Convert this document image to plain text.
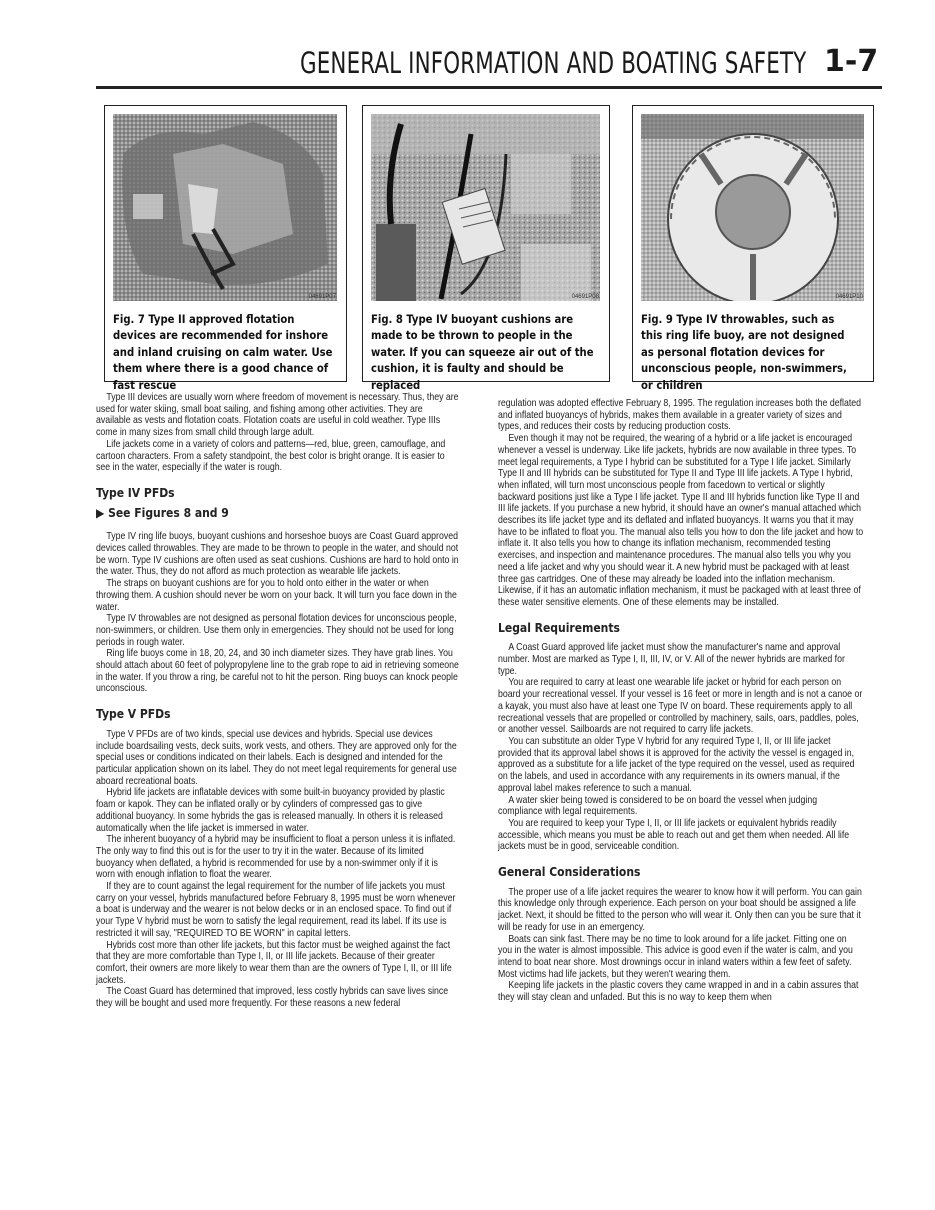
GENERAL INFORMATION AND BOATING SAFETY 1-7
04691P07
Fig. 7 Type II approved flotation devices are recommended for inshore and inland cruising on calm water. Use them where there is a good chance of fast rescue
04691P08
Fig. 8 Type IV buoyant cushions are made to be thrown to people in the water. If you can squeeze air out of the cushion, it is faulty and should be replaced
04691P10
Fig. 9 Type IV throwables, such as this ring life buoy, are not designed as personal flotation devices for unconscious people, non-swimmers, or children

Type III devices are usually worn where freedom of movement is necessary. Thus, they are used for water skiing, small boat sailing, and fishing among other activities. They are available as vests and flotation coats. Flotation coats are useful in cold weather. Type IIIs come in many sizes from small child through large adult.

Life jackets come in a variety of colors and patterns—red, blue, green, camouflage, and cartoon characters. From a safety standpoint, the best color is bright orange. It is easier to see in the water, especially if the water is rough.

Type IV PFDs
▶ See Figures 8 and 9

Type IV ring life buoys, buoyant cushions and horseshoe buoys are Coast Guard approved devices called throwables. They are made to be thrown to people in the water, and should not be worn. Type IV cushions are often used as seat cushions. Cushions are hard to hold onto in the water. Thus, they do not afford as much protection as wearable life jackets.

The straps on buoyant cushions are for you to hold onto either in the water or when throwing them. A cushion should never be worn on your back. It will turn you face down in the water.

Type IV throwables are not designed as personal flotation devices for unconscious people, non-swimmers, or children. Use them only in emergencies. They should not be used for long periods in rough water.

Ring life buoys come in 18, 20, 24, and 30 inch diameter sizes. They have grab lines. You should attach about 60 feet of polypropylene line to the grab rope to aid in retrieving someone in the water. If you throw a ring, be careful not to hit the person. Ring buoys can knock people unconscious.

Type V PFDs

Type V PFDs are of two kinds, special use devices and hybrids. Special use devices include boardsailing vests, deck suits, work vests, and others. They are approved only for the special uses or conditions indicated on their labels. Each is designed and intended for the particular application shown on its label. They do not meet legal requirements for general use aboard recreational boats.

Hybrid life jackets are inflatable devices with some built-in buoyancy provided by plastic foam or kapok. They can be inflated orally or by cylinders of compressed gas to give additional buoyancy. In some hybrids the gas is released manually. In others it is released automatically when the life jacket is immersed in water.

The inherent buoyancy of a hybrid may be insufficient to float a person unless it is inflated. The only way to find this out is for the user to try it in the water. Because of its limited buoyancy when deflated, a hybrid is recommended for use by a non-swimmer only if it is worn with enough inflation to float the wearer.

If they are to count against the legal requirement for the number of life jackets you must carry on your vessel, hybrids manufactured before February 8, 1995 must be worn whenever a boat is underway and the wearer is not below decks or in an enclosed space. To find out if your Type V hybrid must be worn to satisfy the legal requirement, read its label. If its use is restricted it will say, "REQUIRED TO BE WORN" in capital letters.

Hybrids cost more than other life jackets, but this factor must be weighed against the fact that they are more comfortable than Type I, II, or III life jackets. Because of their greater comfort, their owners are more likely to wear them than are the owners of Type I, II, or III life jackets.

The Coast Guard has determined that improved, less costly hybrids can save lives since they will be bought and used more frequently. For these reasons a new federal

regulation was adopted effective February 8, 1995. The regulation increases both the deflated and inflated buoyancys of hybrids, makes them available in a greater variety of sizes and types, and reduces their costs by reducing production costs.

Even though it may not be required, the wearing of a hybrid or a life jacket is encouraged whenever a vessel is underway. Like life jackets, hybrids are now available in three types. To meet legal requirements, a Type I hybrid can be substituted for a Type I life jacket. Similarly Type II and III hybrids can be substituted for Type II and Type III life jackets. A Type I hybrid, when inflated, will turn most unconscious people from facedown to vertical or slightly backward positions just like a Type I life jacket. Type II and III hybrids function like Type II and III life jackets. If you purchase a new hybrid, it should have an owner's manual attached which describes its life jacket type and its deflated and inflated buoyancys. It warns you that it may have to be inflated to float you. The manual also tells you how to don the life jacket and how to inflate it. It also tells you how to change its inflation mechanism, recommended testing exercises, and inspection and maintenance procedures. The manual also tells you why you need a life jacket and why you should wear it. A new hybrid must be packaged with at least three gas cartridges. One of these may already be loaded into the inflation mechanism. Likewise, if it has an automatic inflation mechanism, it must be packaged with at least three of these water sensitive elements. One of these elements may be installed.

Legal Requirements

A Coast Guard approved life jacket must show the manufacturer's name and approval number. Most are marked as Type I, II, III, IV, or V. All of the newer hybrids are marked for type.

You are required to carry at least one wearable life jacket or hybrid for each person on board your recreational vessel. If your vessel is 16 feet or more in length and is not a canoe or a kayak, you must also have at least one Type IV on board. These requirements apply to all recreational vessels that are propelled or controlled by machinery, sails, oars, paddles, poles, or another vessel. Sailboards are not required to carry life jackets.

You can substitute an older Type V hybrid for any required Type I, II, or III life jacket provided that its approval label shows it is approved for the activity the vessel is engaged in, approved as a substitute for a life jacket of the type required on the vessel, used as required on the labels, and used in accordance with any requirements in its owners manual, if the approval label makes reference to such a manual.

A water skier being towed is considered to be on board the vessel when judging compliance with legal requirements.

You are required to keep your Type I, II, or III life jackets or equivalent hybrids readily accessible, which means you must be able to reach out and get them when needed. All life jackets must be in good, serviceable condition.

General Considerations

The proper use of a life jacket requires the wearer to know how it will perform. You can gain this knowledge only through experience. Each person on your boat should be assigned a life jacket. Next, it should be fitted to the person who will wear it. Only then can you be sure that it will be ready for use in an emergency.

Boats can sink fast. There may be no time to look around for a life jacket. Fitting one on you in the water is almost impossible. This advice is good even if the water is calm, and you intend to boat near shore. Most drownings occur in inland waters within a few feet of safety. Most victims had life jackets, but they weren't wearing them.

Keeping life jackets in the plastic covers they came wrapped in and in a cabin assures that they will stay clean and unfaded. But this is no way to keep them when
